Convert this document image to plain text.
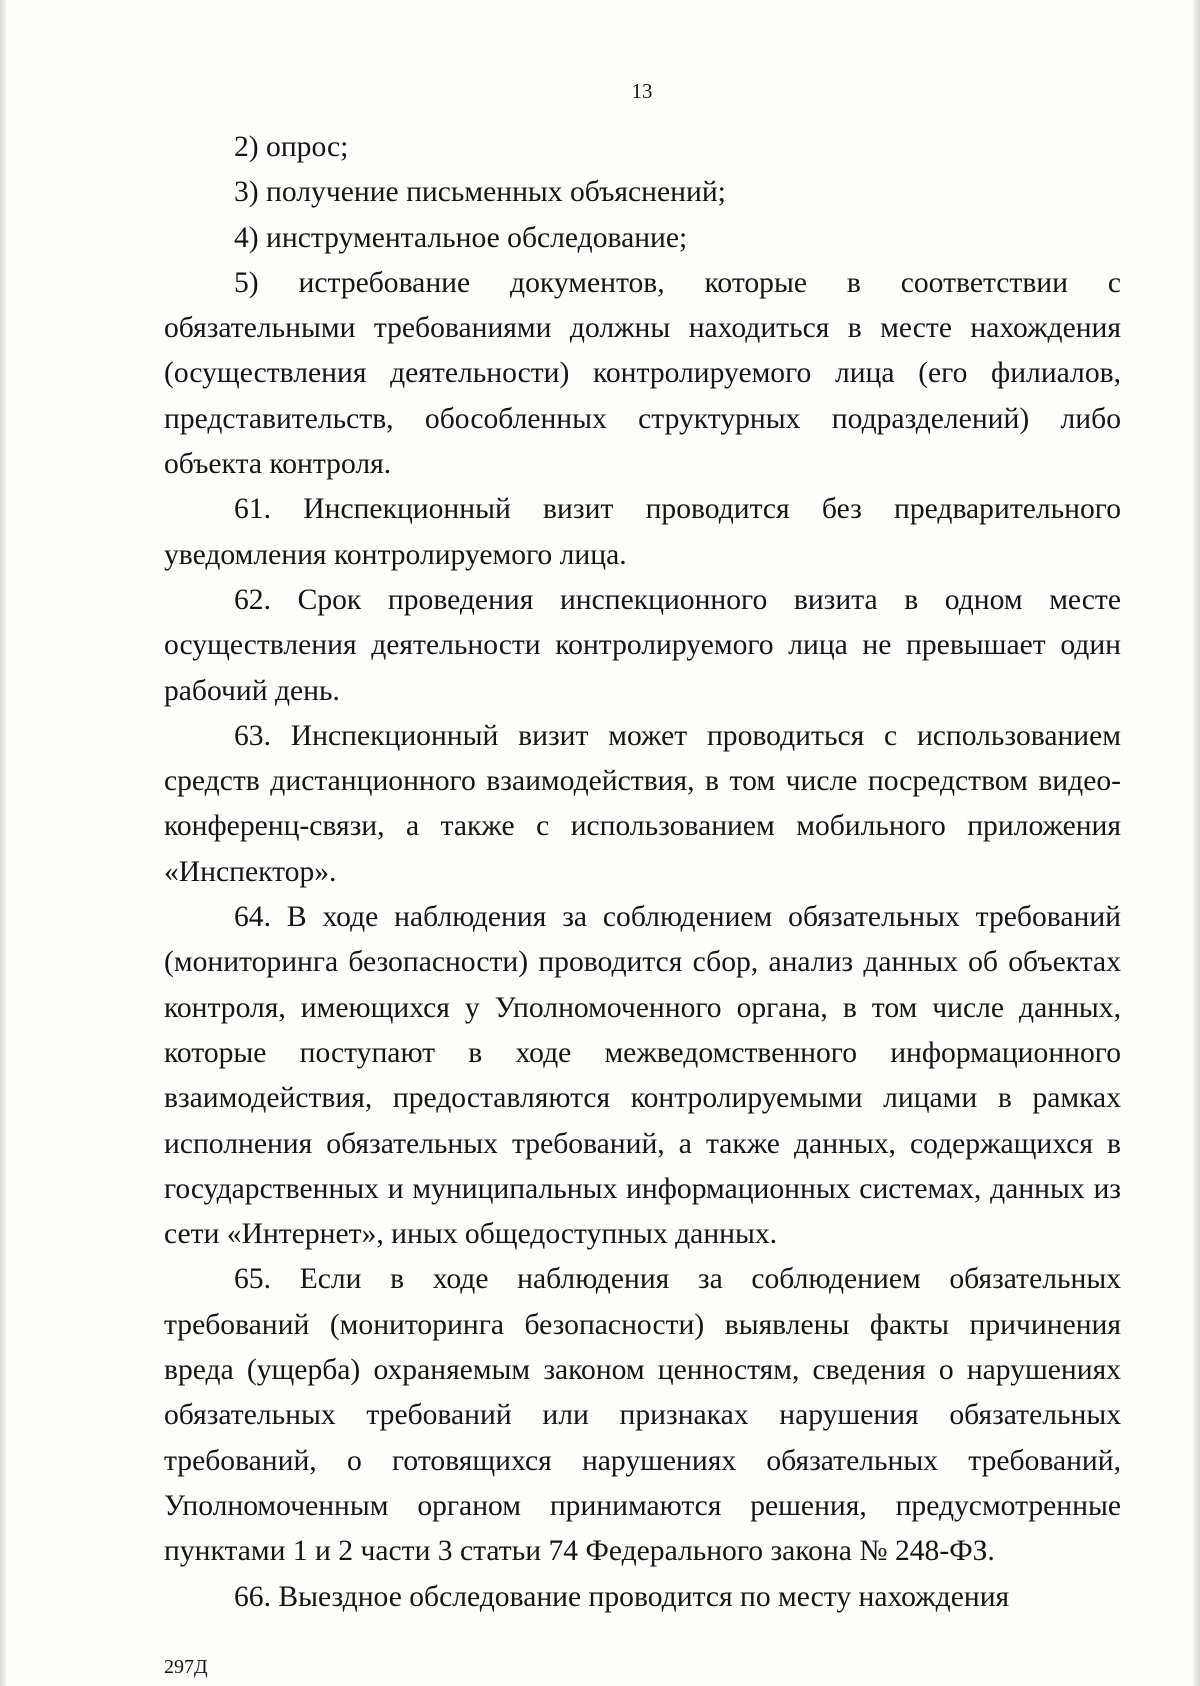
13

2) опрос;

3) получение письменных объяснений;

4) инструментальное обследование;

5) истребование документов, которые в соответствии с обязательными требованиями должны находиться в месте нахождения (осуществления деятельности) контролируемого лица (его филиалов, представительств, обособленных структурных подразделений) либо объекта контроля.

61. Инспекционный визит проводится без предварительного уведомления контролируемого лица.

62. Срок проведения инспекционного визита в одном месте осуществления деятельности контролируемого лица не превышает один рабочий день.

63. Инспекционный визит может проводиться с использованием средств дистанционного взаимодействия, в том числе посредством видео-конференц-связи, а также с использованием мобильного приложения «Инспектор».

64. В ходе наблюдения за соблюдением обязательных требований (мониторинга безопасности) проводится сбор, анализ данных об объектах контроля, имеющихся у Уполномоченного органа, в том числе данных, которые поступают в ходе межведомственного информационного взаимодействия, предоставляются контролируемыми лицами в рамках исполнения обязательных требований, а также данных, содержащихся в государственных и муниципальных информационных системах, данных из сети «Интернет», иных общедоступных данных.

65. Если в ходе наблюдения за соблюдением обязательных требований (мониторинга безопасности) выявлены факты причинения вреда (ущерба) охраняемым законом ценностям, сведения о нарушениях обязательных требований или признаках нарушения обязательных требований, о готовящихся нарушениях обязательных требований, Уполномоченным органом принимаются решения, предусмотренные пунктами 1 и 2 части 3 статьи 74 Федерального закона № 248-ФЗ.

66. Выездное обследование проводится по месту нахождения

297Д
